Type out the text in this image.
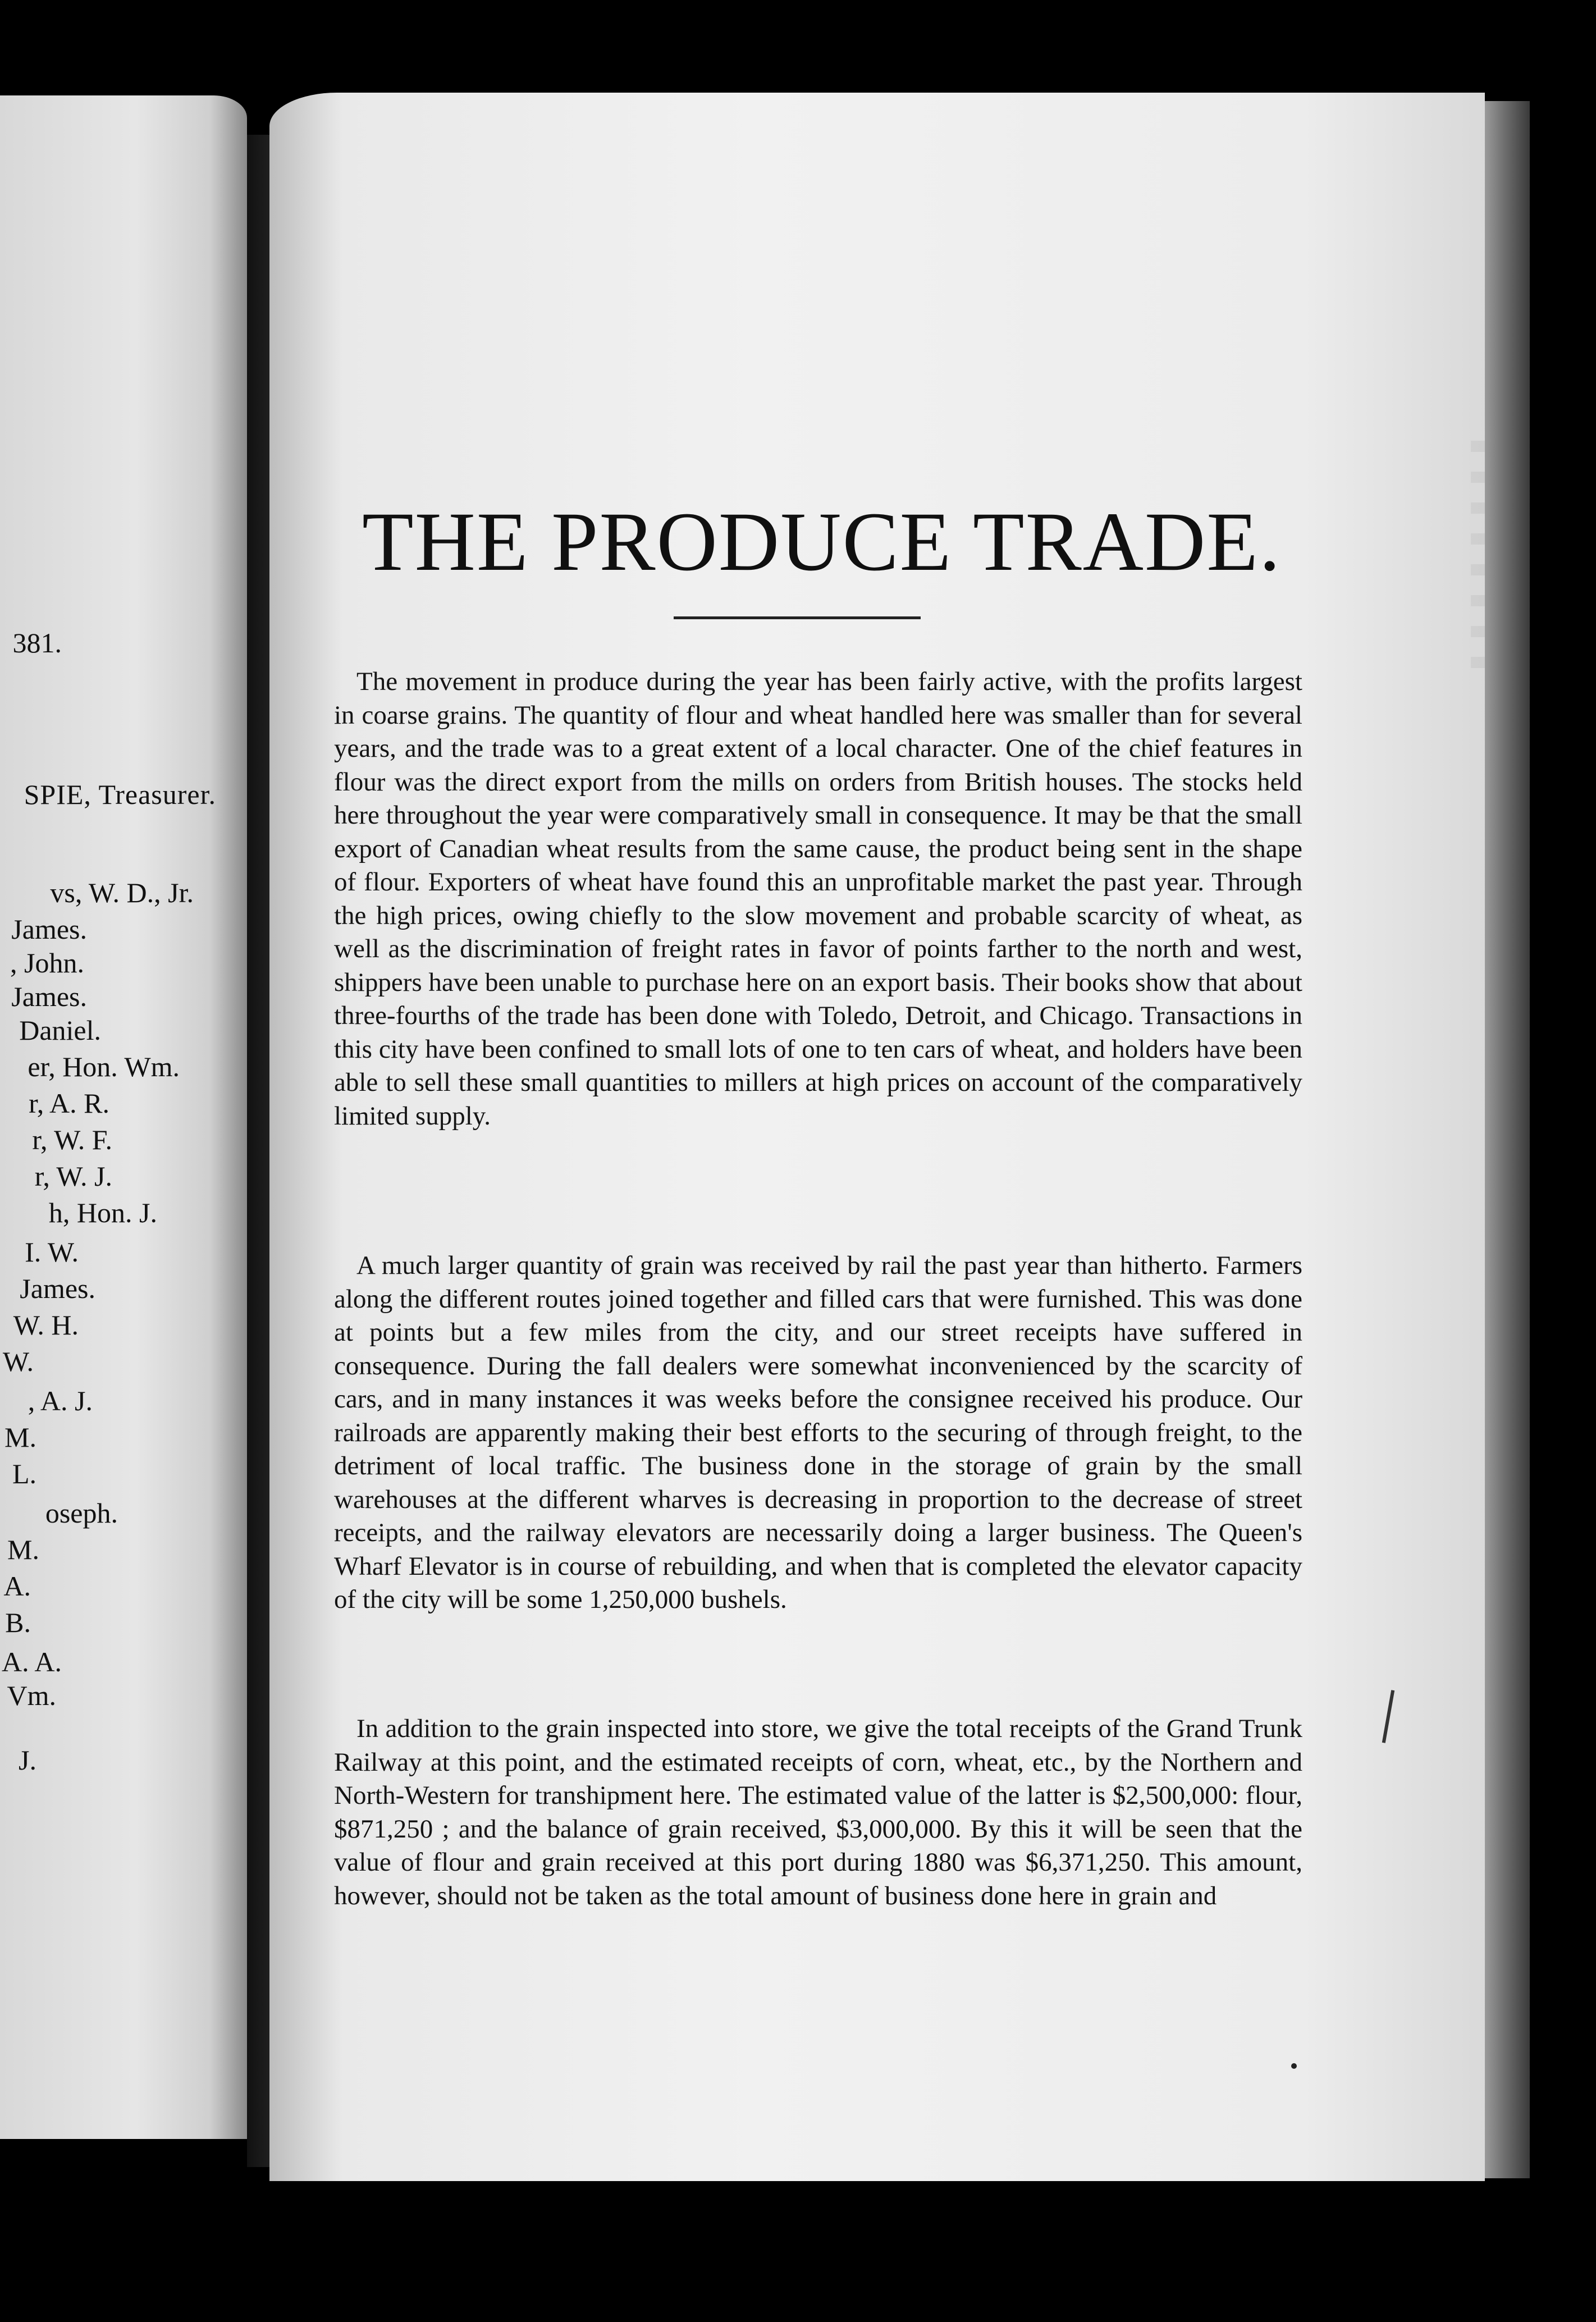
381.
SPIE, Treasurer.
vs, W. D., Jr.
James.
, John.
James.
Daniel.
er, Hon. Wm.
r, A. R.
r, W. F.
r, W. J.
h, Hon. J.
I. W.
James.
W. H.
W.
, A. J.
M.
L.
oseph.
M.
A.
B.
A. A.
Vm.
J.
THE PRODUCE TRADE.

The movement in produce during the year has been fairly active, with the profits largest in coarse grains. The quantity of flour and wheat handled here was smaller than for several years, and the trade was to a great extent of a local character. One of the chief features in flour was the direct export from the mills on orders from British houses. The stocks held here throughout the year were comparatively small in consequence. It may be that the small export of Canadian wheat results from the same cause, the product being sent in the shape of flour. Exporters of wheat have found this an unprofitable market the past year. Through the high prices, owing chiefly to the slow movement and probable scarcity of wheat, as well as the discrimination of freight rates in favor of points farther to the north and west, shippers have been unable to purchase here on an export basis. Their books show that about three-fourths of the trade has been done with Toledo, Detroit, and Chicago. Transactions in this city have been confined to small lots of one to ten cars of wheat, and holders have been able to sell these small quantities to millers at high prices on account of the comparatively limited supply.

A much larger quantity of grain was received by rail the past year than hitherto. Farmers along the different routes joined together and filled cars that were furnished. This was done at points but a few miles from the city, and our street receipts have suffered in consequence. During the fall dealers were somewhat inconvenienced by the scarcity of cars, and in many instances it was weeks before the consignee received his produce. Our railroads are apparently making their best efforts to the securing of through freight, to the detriment of local traffic. The business done in the storage of grain by the small warehouses at the different wharves is decreasing in proportion to the decrease of street receipts, and the railway elevators are necessarily doing a larger business. The Queen's Wharf Elevator is in course of rebuilding, and when that is completed the elevator capacity of the city will be some 1,250,000 bushels.

In addition to the grain inspected into store, we give the total receipts of the Grand Trunk Railway at this point, and the estimated receipts of corn, wheat, etc., by the Northern and North-Western for transhipment here. The estimated value of the latter is $2,500,000: flour, $871,250 ; and the balance of grain received, $3,000,000. By this it will be seen that the value of flour and grain received at this port during 1880 was $6,371,250. This amount, however, should not be taken as the total amount of business done here in grain and
